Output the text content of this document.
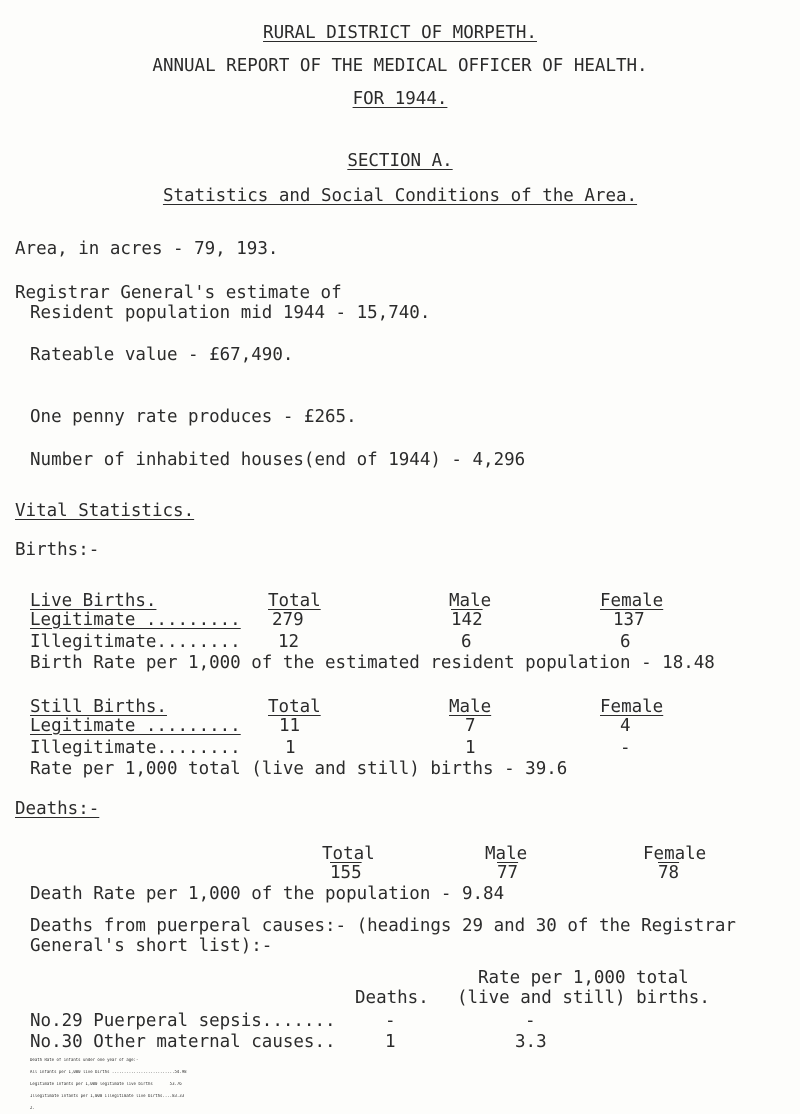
RURAL DISTRICT OF MORPETH.
ANNUAL REPORT OF THE MEDICAL OFFICER OF HEALTH.
FOR 1944.
SECTION A.
Statistics and Social Conditions of the Area.
Area, in acres - 79, 193.
Registrar General's estimate of
Resident population mid 1944 - 15,740.
Rateable value - £67,490.
One penny rate produces - £265.
Number of inhabited houses(end of 1944) - 4,296
Vital Statistics.
Births:-
Live Births.	Total	Male	Female
Legitimate ......... 279	142	137
Illegitimate........ 12	6	6
Birth Rate per 1,000 of the estimated resident population - 18.48
Still Births.	Total	Male	Female
Legitimate ......... 11	7	4
Illegitimate........	1	1	-
Rate per 1,000 total (live and still) births - 39.6
Deaths:-
Total	Male	Female
155	77	78
Death Rate per 1,000 of the population - 9.84
Deaths from puerperal causes:- (headings 29 and 30 of the Registrar
General's short list):-
Rate per 1,000 total
Deaths. (live and still) births.
No.29 Puerperal sepsis.......	-	-
No.30 Other maternal causes..	1	3.3

Death Rate of infants under one year of age:-

All infants per 1,000 live births ..........................54.98

Legitimate infants per 1,000 legitimate live births       53.76

Illegitimate infants per 1,000 illegitimate live births....83.33

2.
